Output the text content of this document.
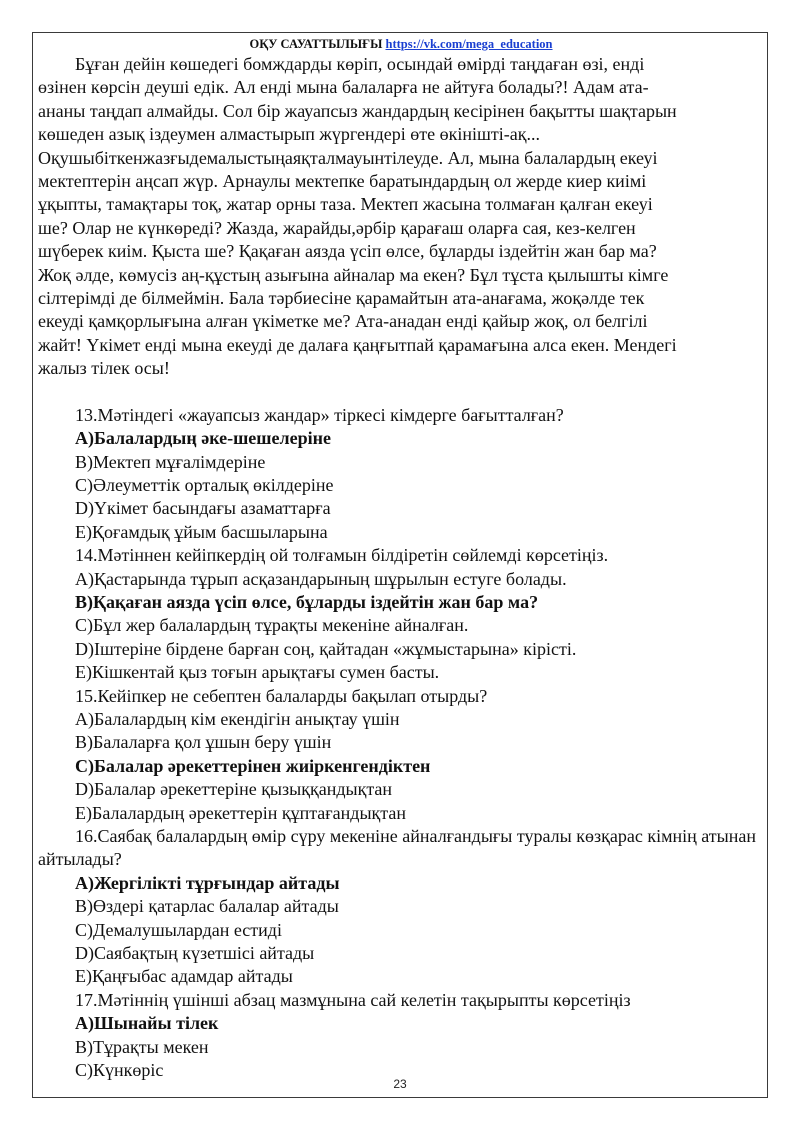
ОҚУ САУАТТЫЛЫҒЫ https://vk.com/mega_education
Бұған дейін көшедегі бомждарды көріп, осындай өмірді таңдаған өзі, енді
өзінен көрсін деуші едік. Ал енді мына балаларға не айтуға болады?! Адам ата-
ананы таңдап алмайды. Сол бір жауапсыз жандардың кесірінен бақытты шақтарын
көшеден азық іздеумен алмастырып жүргендері өте өкінішті-ақ...
Оқушыбіткенжазғыдемалыстыңаяқталмауынтілеуде. Ал, мына балалардың екеуі
мектептерін аңсап жүр. Арнаулы мектепке баратындардың ол жерде киер киімі
ұқыпты, тамақтары тоқ, жатар орны таза. Мектеп жасына толмаған қалған екеуі
ше? Олар не күнкөреді? Жазда, жарайды,әрбір қарағаш оларға сая, кез-келген
шүберек киім. Қыста ше? Қақаған аязда үсіп өлсе, бұларды іздейтін жан бар ма?
Жоқ әлде, көмусіз аң-құстың азығына айналар ма екен? Бұл тұста қылышты кімге
сілтерімді де білмеймін. Бала тәрбиесіне қарамайтын ата-анағама, жоқәлде тек
екеуді қамқорлығына алған үкіметке ме? Ата-анадан енді қайыр жоқ, ол белгілі
жайт! Үкімет енді мына екеуді де далаға қаңғытпай қарамағына алса екен. Мендегі
жалыз тілек осы!
13.Мәтіндегі «жауапсыз жандар» тіркесі кімдерге бағытталған?
А)Балалардың әке-шешелеріне
В)Мектеп мұғалімдеріне
С)Әлеуметтік орталық өкілдеріне
D)Үкімет басындағы азаматтарға
Е)Қоғамдық ұйым басшыларына
14.Мәтіннен кейіпкердің ой толғамын білдіретін сөйлемді көрсетіңіз.
А)Қастарында тұрып асқазандарының шұрылын естуге болады.
В)Қақаған аязда үсіп өлсе, бұларды іздейтін жан бар ма?
С)Бұл жер балалардың тұрақты мекеніне айналған.
D)Іштеріне бірдене барған соң, қайтадан «жұмыстарына» кірісті.
Е)Кішкентай қыз тоғын арықтағы сумен басты.
15.Кейіпкер не себептен балаларды бақылап отырды?
А)Балалардың кім екендігін анықтау үшін
В)Балаларға қол ұшын беру үшін
С)Балалар әрекеттерінен жиіркенгендіктен
D)Балалар әрекеттеріне қызыққандықтан
Е)Балалардың әрекеттерін құптағандықтан
16.Саябақ балалардың өмір сүру мекеніне айналғандығы туралы көзқарас кімнің атынан айтылады?
А)Жергілікті тұрғындар айтады
В)Өздері қатарлас балалар айтады
С)Демалушылардан естиді
D)Саябақтың күзетшісі айтады
Е)Қаңғыбас адамдар айтады
17.Мәтіннің үшінші абзац мазмұнына сай келетін тақырыпты көрсетіңіз
А)Шынайы тілек
В)Тұрақты мекен
С)Күнкөріс
23
